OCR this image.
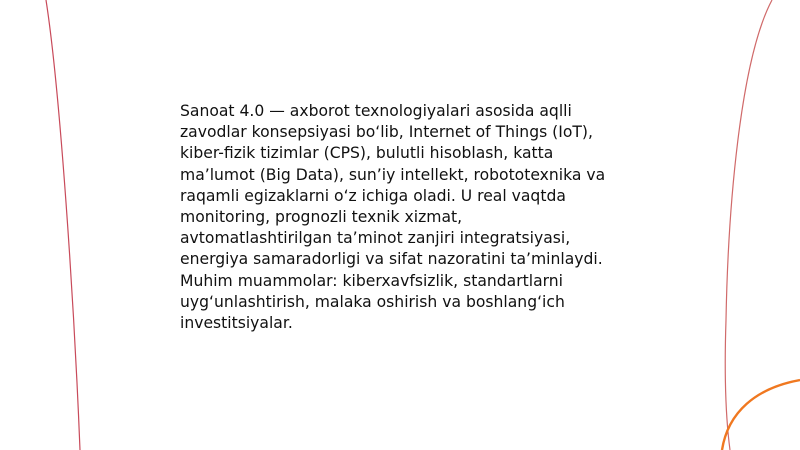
Sanoat 4.0 — axborot texnologiyalari asosida aqlli
zavodlar konsepsiyasi bo‘lib, Internet of Things (IoT),
kiber-fizik tizimlar (CPS), bulutli hisoblash, katta
ma’lumot (Big Data), sun’iy intellekt, robototexnika va
raqamli egizaklarni o‘z ichiga oladi. U real vaqtda
monitoring, prognozli texnik xizmat,
avtomatlashtirilgan ta’minot zanjiri integratsiyasi,
energiya samaradorligi va sifat nazoratini ta’minlaydi.
Muhim muammolar: kiberxavfsizlik, standartlarni
uyg‘unlashtirish, malaka oshirish va boshlang‘ich
investitsiyalar.
